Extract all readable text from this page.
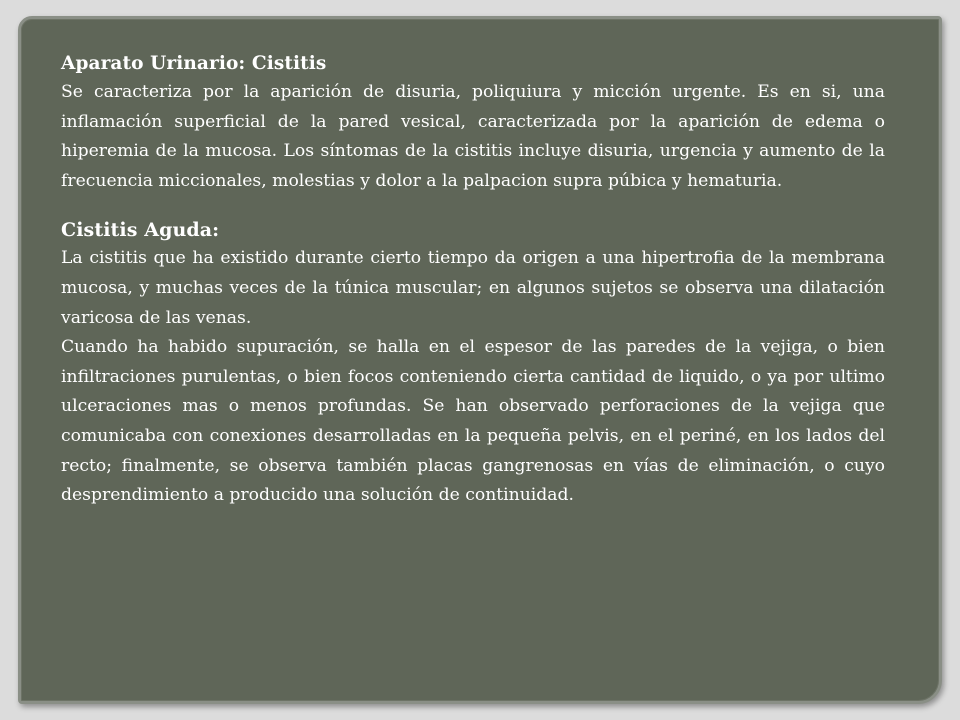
Aparato Urinario: Cistitis

Se caracteriza por la aparición de disuria, poliquiura y micción urgente. Es en si, una inflamación superficial de la pared vesical, caracterizada por la aparición de edema o hiperemia de la mucosa. Los síntomas de la cistitis incluye disuria, urgencia y aumento de la frecuencia miccionales, molestias y dolor a la palpacion supra púbica y hematuria.

Cistitis Aguda:

La cistitis que ha existido durante cierto tiempo da origen a una hipertrofia de la membrana mucosa, y muchas veces de la túnica muscular; en algunos sujetos se observa una dilatación varicosa de las venas.

Cuando ha habido supuración, se halla en el espesor de las paredes de la vejiga, o bien infiltraciones purulentas, o bien focos conteniendo cierta cantidad de liquido, o ya por ultimo ulceraciones mas o menos profundas. Se han observado perforaciones de la vejiga que comunicaba con conexiones desarrolladas en la pequeña pelvis, en el periné, en los lados del recto; finalmente, se observa también placas gangrenosas en vías de eliminación, o cuyo desprendimiento a producido una solución de continuidad.
